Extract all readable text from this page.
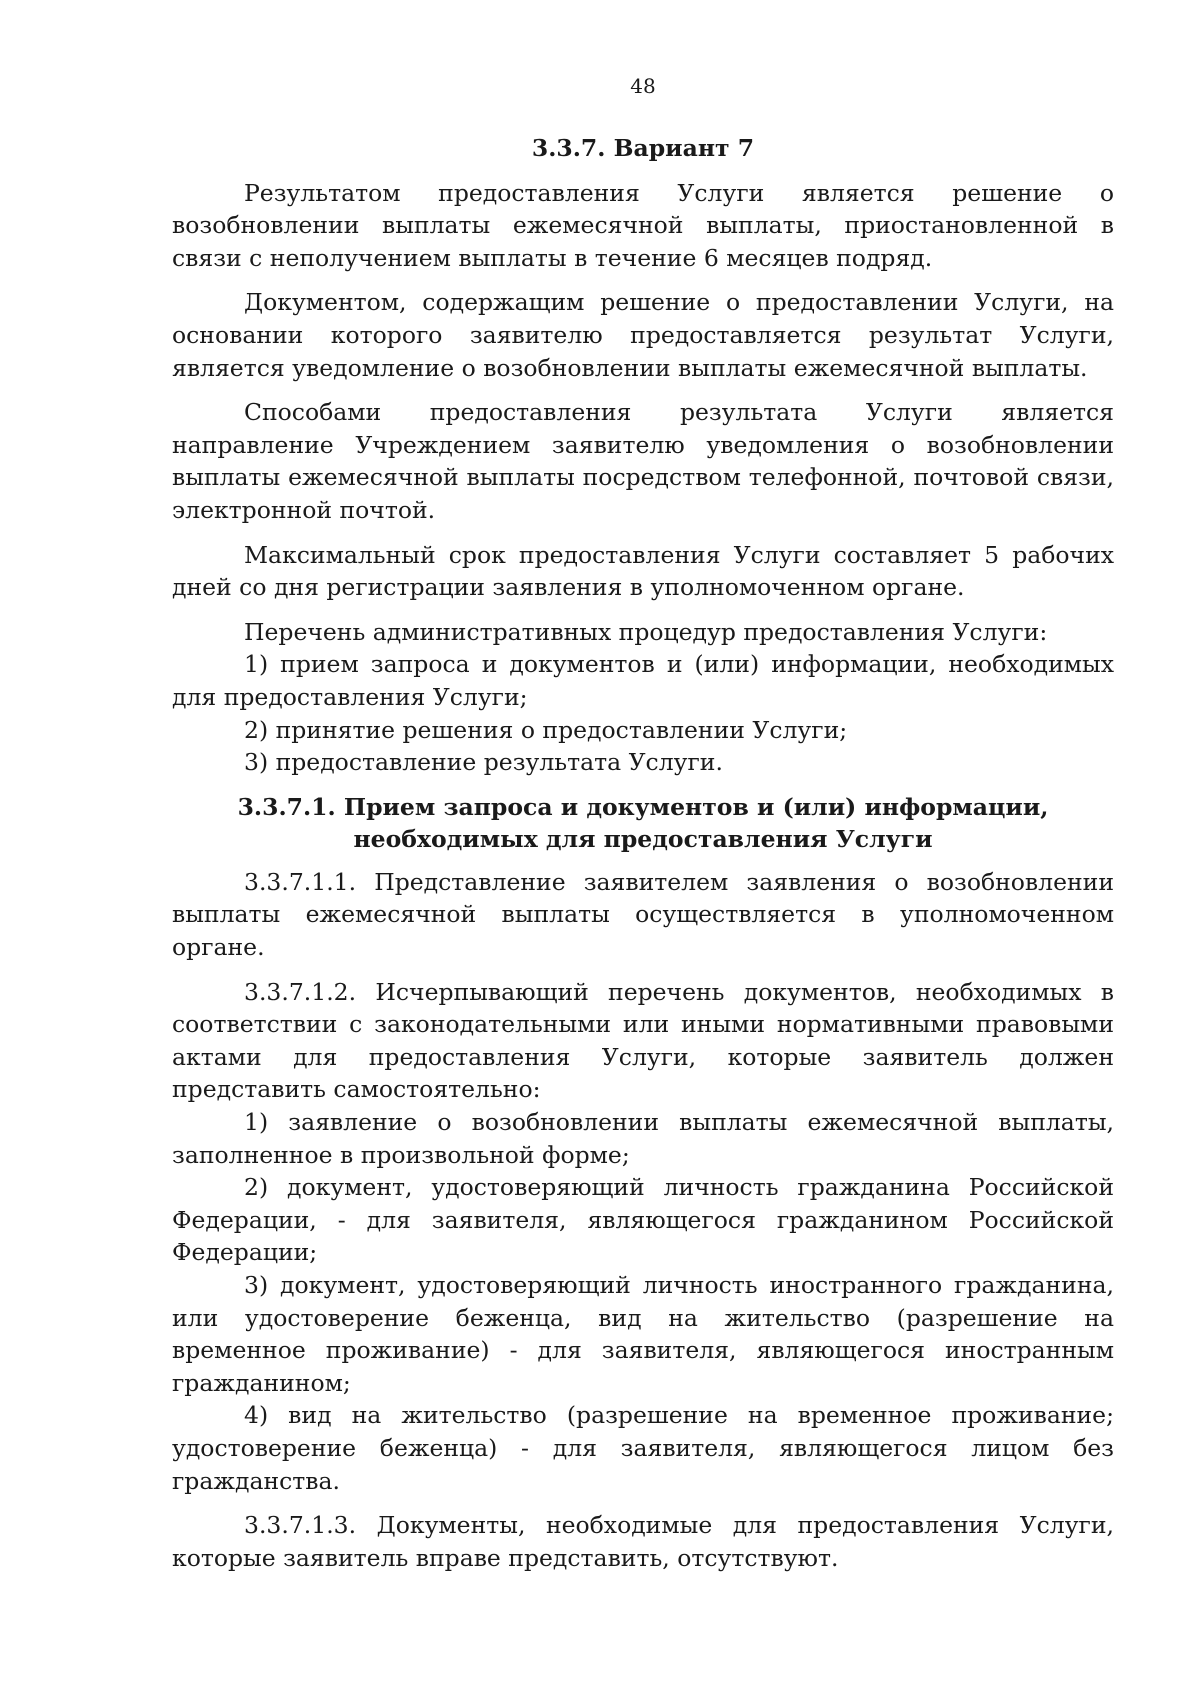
48
3.3.7. Вариант 7

Результатом предоставления Услуги является решение о возобновлении выплаты ежемесячной выплаты, приостановленной в связи с неполучением выплаты в течение 6 месяцев подряд.

Документом, содержащим решение о предоставлении Услуги, на основании которого заявителю предоставляется результат Услуги, является уведомление о возобновлении выплаты ежемесячной выплаты.

Способами предоставления результата Услуги является направление Учреждением заявителю уведомления о возобновлении выплаты ежемесячной выплаты посредством телефонной, почтовой связи, электронной почтой.

Максимальный срок предоставления Услуги составляет 5 рабочих дней со дня регистрации заявления в уполномоченном органе.

Перечень административных процедур предоставления Услуги:

1) прием запроса и документов и (или) информации, необходимых для предоставления Услуги;

2) принятие решения о предоставлении Услуги;

3) предоставление результата Услуги.

3.3.7.1. Прием запроса и документов и (или) информации, необходимых для предоставления Услуги

3.3.7.1.1. Представление заявителем заявления о возобновлении выплаты ежемесячной выплаты осуществляется в уполномоченном органе.

3.3.7.1.2. Исчерпывающий перечень документов, необходимых в соответствии с законодательными или иными нормативными правовыми актами для предоставления Услуги, которые заявитель должен представить самостоятельно:

1) заявление о возобновлении выплаты ежемесячной выплаты, заполненное в произвольной форме;

2) документ, удостоверяющий личность гражданина Российской Федерации, - для заявителя, являющегося гражданином Российской Федерации;

3) документ, удостоверяющий личность иностранного гражданина, или удостоверение беженца, вид на жительство (разрешение на временное проживание) - для заявителя, являющегося иностранным гражданином;

4) вид на жительство (разрешение на временное проживание; удостоверение беженца) - для заявителя, являющегося лицом без гражданства.

3.3.7.1.3. Документы, необходимые для предоставления Услуги, которые заявитель вправе представить, отсутствуют.
